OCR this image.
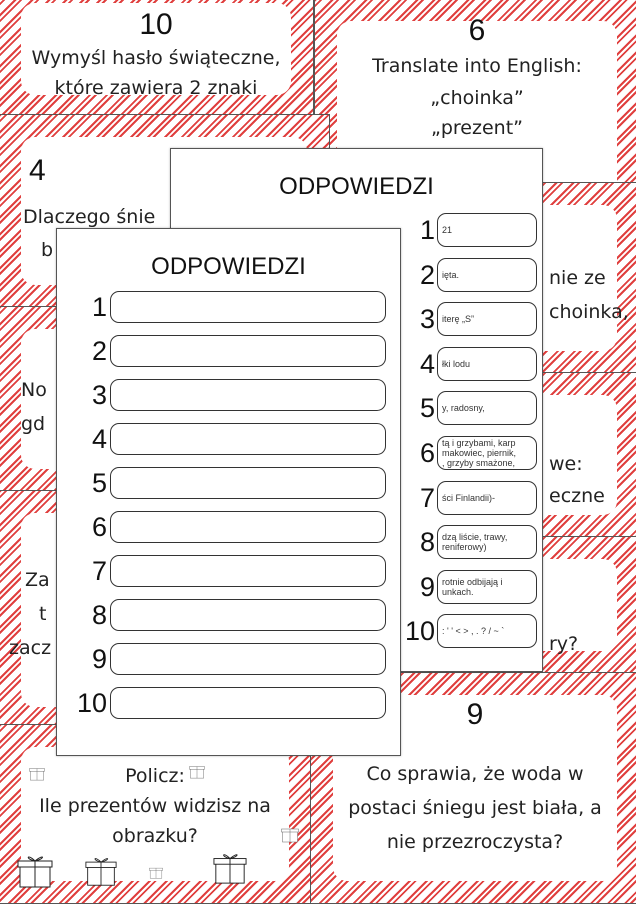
10
Wymyśl hasło świąteczne,
które zawiera 2 znaki
6
Translate into English:
„choinka”
„prezent”
4
Dlaczego śnie
b
nie ze
choinka,
we:
eczne
ry?
No
gd
Za
t
zacz
Policz:
Ile prezentów widzisz na
obrazku?
9
Co sprawia, że woda w
postaci śniegu jest biała, a
nie przezroczysta?
ODPOWIEDZI
21
1
ięta.
2
iterę „S”
3
łki lodu
4
y, radosny,
5
tą i grzybami, karp
makowiec, piernik,
, grzyby smażone,
6
ści Finlandii)-
7
dzą liście, trawy,
reniferowy)
8
rotnie odbijają i
unkach.
9
: ' ' < > , . ? / ~ `
10
ODPOWIEDZI
1
2
3
4
5
6
7
8
9
10
